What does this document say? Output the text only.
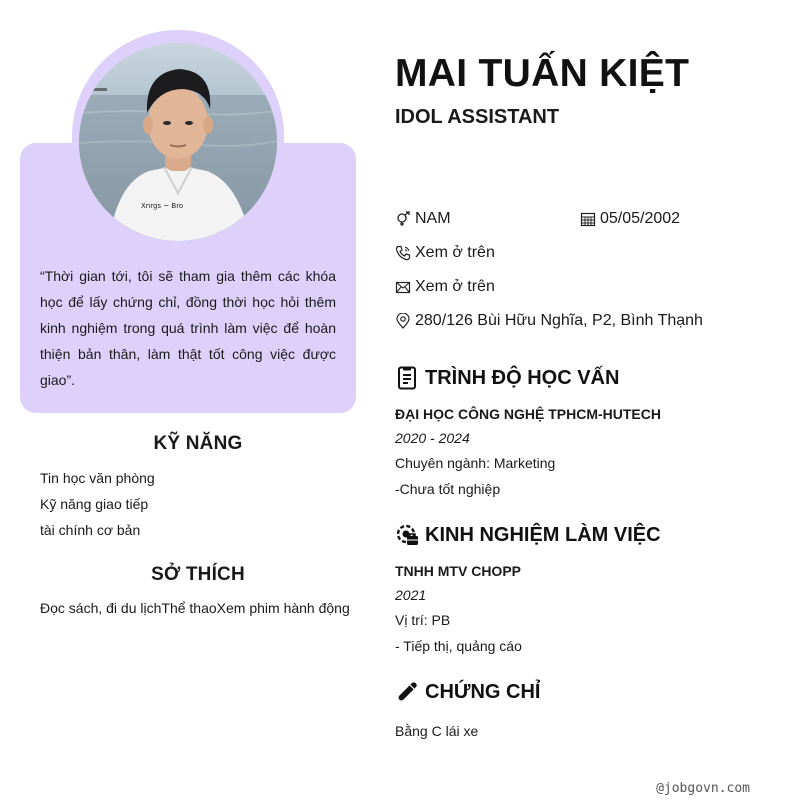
Xnrgs ~ Bro
“Thời gian tới, tôi sẽ tham gia thêm các khóa học để lấy chứng chỉ, đồng thời học hỏi thêm kinh nghiệm trong quá trình làm việc để hoàn thiện bản thân, làm thật tốt công việc được giao”.
KỸ NĂNG
Tin học văn phòng
Kỹ năng giao tiếp
tài chính cơ bản
SỞ THÍCH
Đọc sách, đi du lịchThể thaoXem phim hành động
MAI TUẤN KIỆT
IDOL ASSISTANT
NAM	05/05/2002
Xem ở trên
Xem ở trên
280/126 Bùi Hữu Nghĩa, P2, Bình Thạnh
TRÌNH ĐỘ HỌC VẤN
ĐẠI HỌC CÔNG NGHỆ TPHCM-HUTECH
2020 - 2024
Chuyên ngành: Marketing
-Chưa tốt nghiệp
KINH NGHIỆM LÀM VIỆC
TNHH MTV CHOPP
2021
Vị trí: PB
- Tiếp thị, quảng cáo
CHỨNG CHỈ
Bằng C lái xe
@jobgovn.com
